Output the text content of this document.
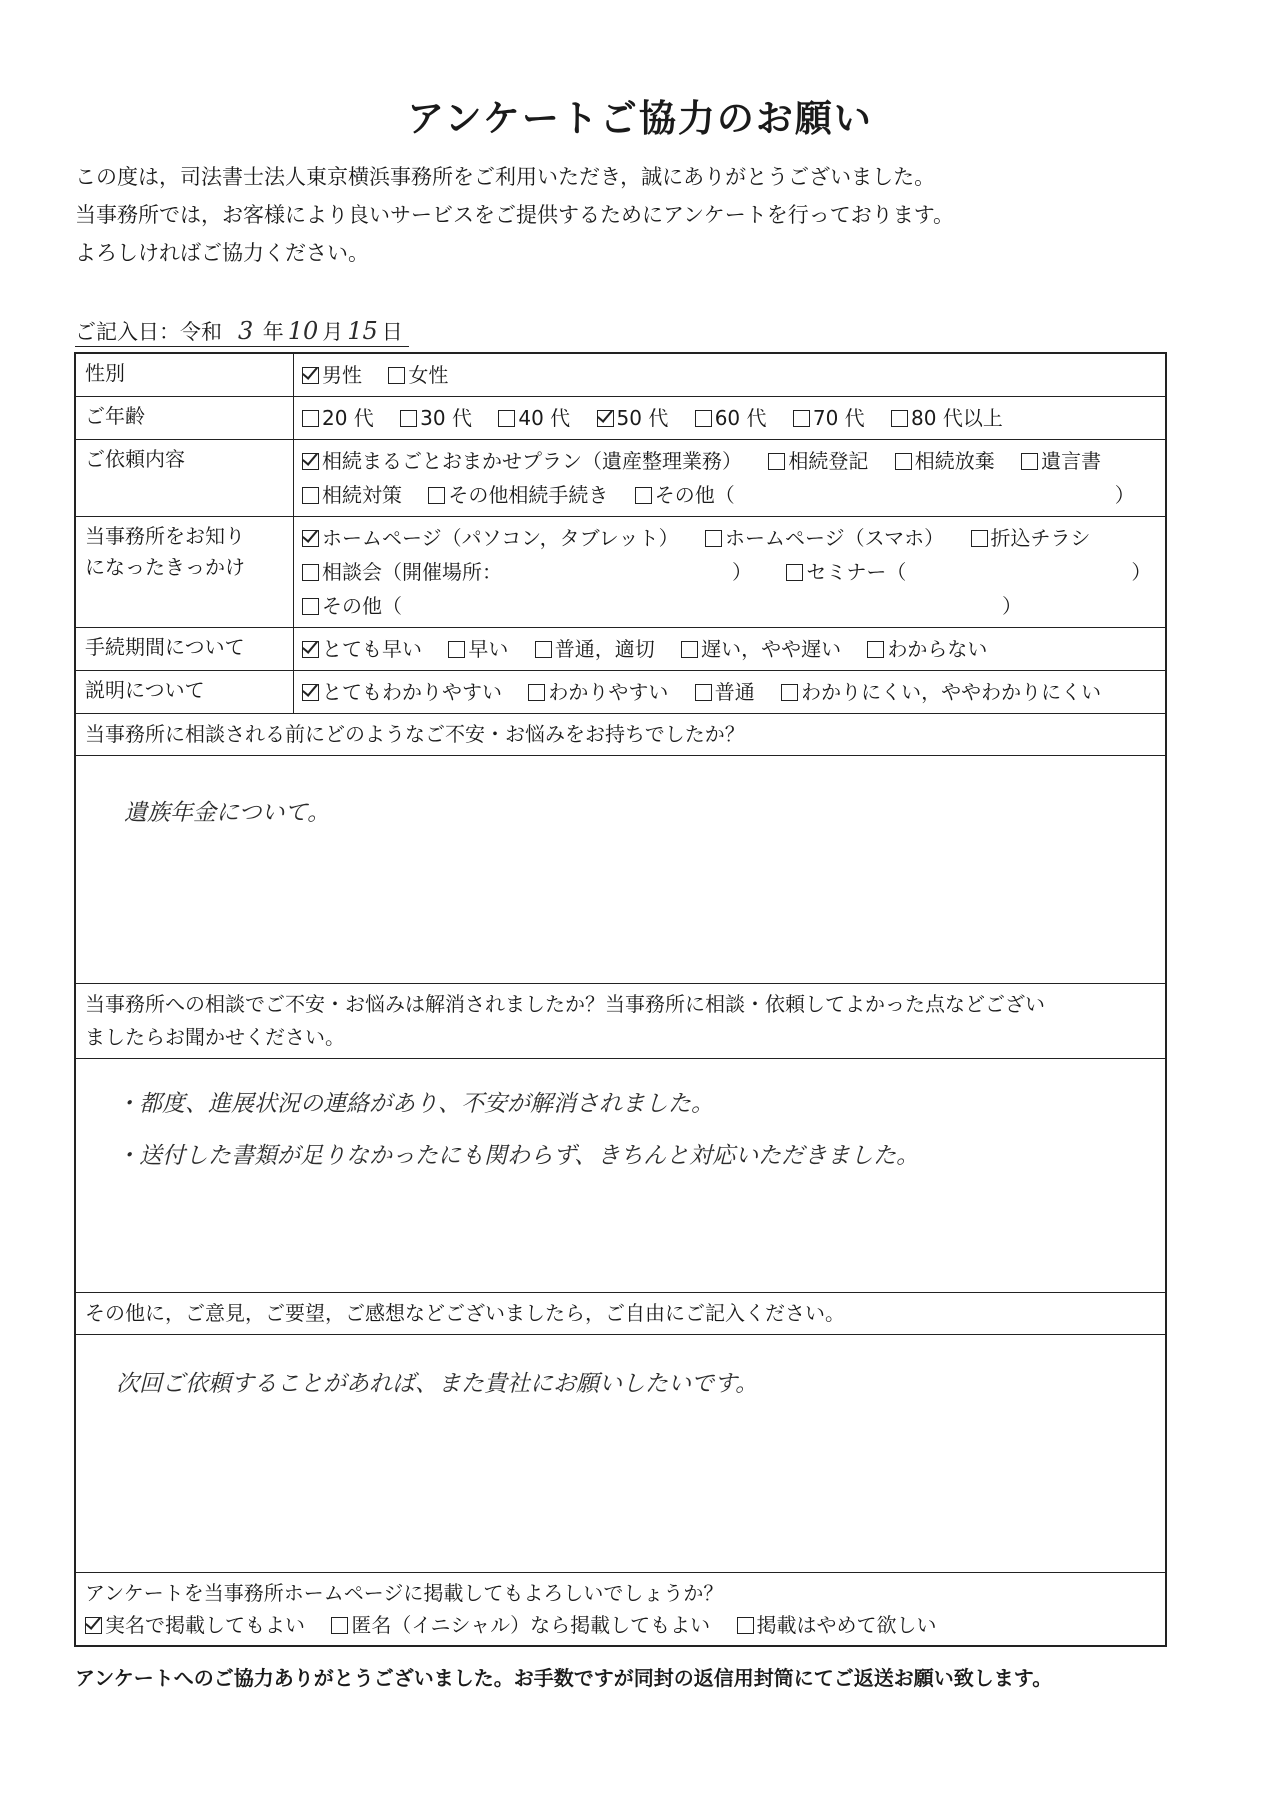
アンケートご協力のお願い

この度は，司法書士法人東京横浜事務所をご利用いただき，誠にありがとうございました。

当事務所では，お客様により良いサービスをご提供するためにアンケートを行っております。

よろしければご協力ください。

ご記入日：令和 3 年 10 月 15 日
性別	男性 女性
ご年齢	20 代 30 代 40 代 50 代 60 代 70 代 80 代以上
ご依頼内容	相続まるごとおまかせプラン（遺産整理業務） 相続登記 相続放棄 遺言書
相続対策 その他相続手続き その他（	）
当事務所をお知り
になったきっかけ
ホームページ（パソコン，タブレット） ホームページ（スマホ） 折込チラシ
相談会（開催場所：	）	セミナー（	）
その他（	）
手続期間について	とても早い 早い 普通，適切 遅い，やや遅い わからない
説明について	とてもわかりやすい わかりやすい 普通 わかりにくい，ややわかりにくい
当事務所に相談される前にどのようなご不安・お悩みをお持ちでしたか？
遺族年金について。
当事務所への相談でご不安・お悩みは解消されましたか？当事務所に相談・依頼してよかった点などござい
ましたらお聞かせください。
・都度、進展状況の連絡があり、不安が解消されました。
・送付した書類が足りなかったにも関わらず、きちんと対応いただきました。
その他に，ご意見，ご要望，ご感想などございましたら，ご自由にご記入ください。
次回ご依頼することがあれば、また貴社にお願いしたいです。
アンケートを当事務所ホームページに掲載してもよろしいでしょうか？
実名で掲載してもよい 匿名（イニシャル）なら掲載してもよい 掲載はやめて欲しい
アンケートへのご協力ありがとうございました。お手数ですが同封の返信用封筒にてご返送お願い致します。
